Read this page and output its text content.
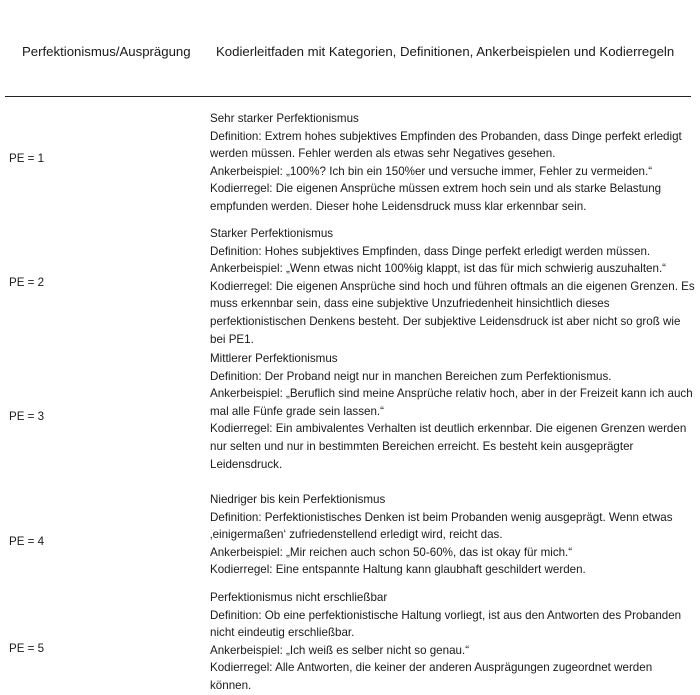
Perfektionismus/Ausprägung Kodierleitfaden mit Kategorien, Definitionen, Ankerbeispielen und Kodierregeln
PE = 1
Sehr starker Perfektionismus
Definition: Extrem hohes subjektives Empfinden des Probanden, dass Dinge perfekt erledigt
werden müssen. Fehler werden als etwas sehr Negatives gesehen.
Ankerbeispiel: „100%? Ich bin ein 150%er und versuche immer, Fehler zu vermeiden.“
Kodierregel: Die eigenen Ansprüche müssen extrem hoch sein und als starke Belastung
empfunden werden. Dieser hohe Leidensdruck muss klar erkennbar sein.
PE = 2
Starker Perfektionismus
Definition: Hohes subjektives Empfinden, dass Dinge perfekt erledigt werden müssen.
Ankerbeispiel: „Wenn etwas nicht 100%ig klappt, ist das für mich schwierig auszuhalten.“
Kodierregel: Die eigenen Ansprüche sind hoch und führen oftmals an die eigenen Grenzen. Es
muss erkennbar sein, dass eine subjektive Unzufriedenheit hinsichtlich dieses
perfektionistischen Denkens besteht. Der subjektive Leidensdruck ist aber nicht so groß wie
bei PE1.
PE = 3
Mittlerer Perfektionismus
Definition: Der Proband neigt nur in manchen Bereichen zum Perfektionismus.
Ankerbeispiel: „Beruflich sind meine Ansprüche relativ hoch, aber in der Freizeit kann ich auch
mal alle Fünfe grade sein lassen.“
Kodierregel: Ein ambivalentes Verhalten ist deutlich erkennbar. Die eigenen Grenzen werden
nur selten und nur in bestimmten Bereichen erreicht. Es besteht kein ausgeprägter
Leidensdruck.
PE = 4
Niedriger bis kein Perfektionismus
Definition: Perfektionistisches Denken ist beim Probanden wenig ausgeprägt. Wenn etwas
‚einigermaßen‘ zufriedenstellend erledigt wird, reicht das.
Ankerbeispiel: „Mir reichen auch schon 50-60%, das ist okay für mich.“
Kodierregel: Eine entspannte Haltung kann glaubhaft geschildert werden.
PE = 5
Perfektionismus nicht erschließbar
Definition: Ob eine perfektionistische Haltung vorliegt, ist aus den Antworten des Probanden
nicht eindeutig erschließbar.
Ankerbeispiel: „Ich weiß es selber nicht so genau.“
Kodierregel: Alle Antworten, die keiner der anderen Ausprägungen zugeordnet werden
können.
